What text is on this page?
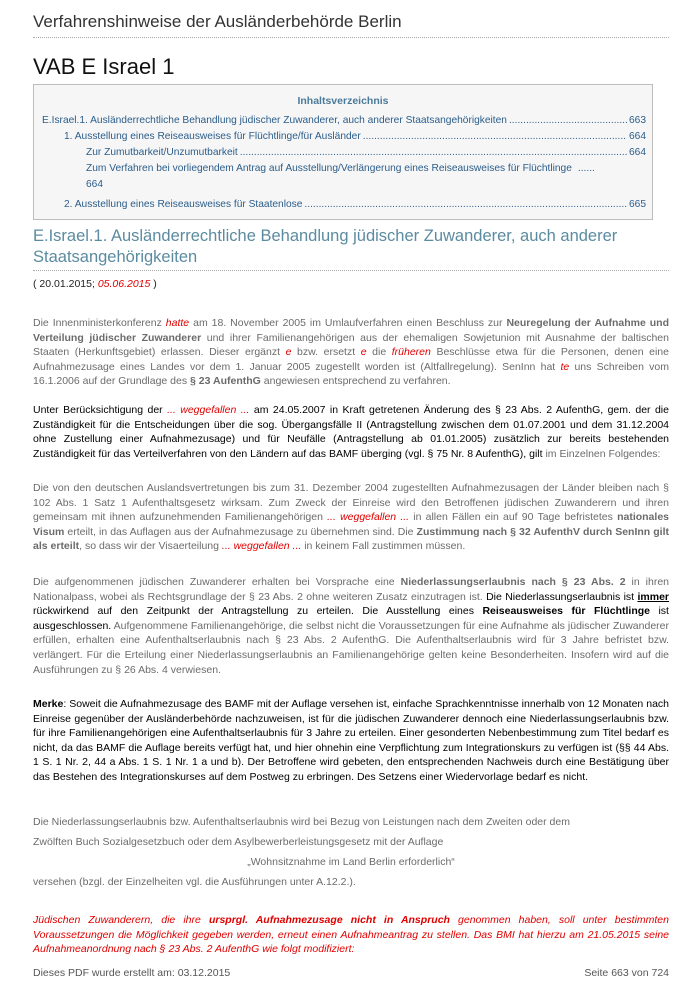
Verfahrenshinweise der Ausländerbehörde Berlin
VAB E Israel 1
Inhaltsverzeichnis
E.Israel.1. Ausländerrechtliche Behandlung jüdischer Zuwanderer, auch anderer Staatsangehörigkeiten .....	663
1. Ausstellung eines Reiseausweises für Flüchtlinge/für Ausländer .....	664
Zur Zumutbarkeit/Unzumutbarkeit .....	664
Zum Verfahren bei vorliegendem Antrag auf Ausstellung/Verlängerung eines Reiseausweises für Flüchtlinge ......
664
2. Ausstellung eines Reiseausweises für Staatenlose .....	665
E.Israel.1. Ausländerrechtliche Behandlung jüdischer Zuwanderer, auch anderer Staatsangehörigkeiten
( 20.01.2015; 05.06.2015 )

Die Innenministerkonferenz hatte am 18. November 2005 im Umlaufverfahren einen Beschluss zur Neuregelung der Aufnahme und Verteilung jüdischer Zuwanderer und ihrer Familienangehörigen aus der ehemaligen Sowjetunion mit Ausnahme der baltischen Staaten (Herkunftsgebiet) erlassen. Dieser ergänzt e bzw. ersetzt e die früheren Beschlüsse etwa für die Personen, denen eine Aufnahmezusage eines Landes vor dem 1. Januar 2005 zugestellt worden ist (Altfallregelung). SenInn hat te uns Schreiben vom 16.1.2006 auf der Grundlage des § 23 AufenthG angewiesen entsprechend zu verfahren.

Unter Berücksichtigung der ... weggefallen ... am 24.05.2007 in Kraft getretenen Änderung des § 23 Abs. 2 AufenthG, gem. der die Zuständigkeit für die Entscheidungen über die sog. Übergangsfälle II (Antragstellung zwischen dem 01.07.2001 und dem 31.12.2004 ohne Zustellung einer Aufnahmezusage) und für Neufälle (Antragstellung ab 01.01.2005) zusätzlich zur bereits bestehenden Zuständigkeit für das Verteilverfahren von den Ländern auf das BAMF überging (vgl. § 75 Nr. 8 AufenthG), gilt im Einzelnen Folgendes:

Die von den deutschen Auslandsvertretungen bis zum 31. Dezember 2004 zugestellten Aufnahmezusagen der Länder bleiben nach § 102 Abs. 1 Satz 1 Aufenthaltsgesetz wirksam. Zum Zweck der Einreise wird den Betroffenen jüdischen Zuwanderern und ihren gemeinsam mit ihnen aufzunehmenden Familienangehörigen ... weggefallen ... in allen Fällen ein auf 90 Tage befristetes nationales Visum erteilt, in das Auflagen aus der Aufnahmezusage zu übernehmen sind. Die Zustimmung nach § 32 AufenthV durch SenInn gilt als erteilt, so dass wir der Visaerteilung ... weggefallen ... in keinem Fall zustimmen müssen.

Die aufgenommenen jüdischen Zuwanderer erhalten bei Vorsprache eine Niederlassungserlaubnis nach § 23 Abs. 2 in ihren Nationalpass, wobei als Rechtsgrundlage der § 23 Abs. 2 ohne weiteren Zusatz einzutragen ist. Die Niederlassungserlaubnis ist immer rückwirkend auf den Zeitpunkt der Antragstellung zu erteilen. Die Ausstellung eines Reiseausweises für Flüchtlinge ist ausgeschlossen. Aufgenommene Familienangehörige, die selbst nicht die Voraussetzungen für eine Aufnahme als jüdischer Zuwanderer erfüllen, erhalten eine Aufenthaltserlaubnis nach § 23 Abs. 2 AufenthG. Die Aufenthaltserlaubnis wird für 3 Jahre befristet bzw. verlängert. Für die Erteilung einer Niederlassungserlaubnis an Familienangehörige gelten keine Besonderheiten. Insofern wird auf die Ausführungen zu § 26 Abs. 4 verwiesen.

Merke: Soweit die Aufnahmezusage des BAMF mit der Auflage versehen ist, einfache Sprachkenntnisse innerhalb von 12 Monaten nach Einreise gegenüber der Ausländerbehörde nachzuweisen, ist für die jüdischen Zuwanderer dennoch eine Niederlassungserlaubnis bzw. für ihre Familienangehörigen eine Aufenthaltserlaubnis für 3 Jahre zu erteilen. Einer gesonderten Nebenbestimmung zum Titel bedarf es nicht, da das BAMF die Auflage bereits verfügt hat, und hier ohnehin eine Verpflichtung zum Integrationskurs zu verfügen ist (§§ 44 Abs. 1 S. 1 Nr. 2, 44 a Abs. 1 S. 1 Nr. 1 a und b). Der Betroffene wird gebeten, den entsprechenden Nachweis durch eine Bestätigung über das Bestehen des Integrationskurses auf dem Postweg zu erbringen. Des Setzens einer Wiedervorlage bedarf es nicht.

Die Niederlassungserlaubnis bzw. Aufenthaltserlaubnis wird bei Bezug von Leistungen nach dem Zweiten oder dem
Zwölften Buch Sozialgesetzbuch oder dem Asylbewerberleistungsgesetz mit der Auflage
„Wohnsitznahme im Land Berlin erforderlich“
versehen (bzgl. der Einzelheiten vgl. die Ausführungen unter A.12.2.).

Jüdischen Zuwanderern, die ihre ursprgl. Aufnahmezusage nicht in Anspruch genommen haben, soll unter bestimmten Voraussetzungen die Möglichkeit gegeben werden, erneut einen Aufnahmeantrag zu stellen. Das BMI hat hierzu am 21.05.2015 seine Aufnahmeanordnung nach § 23 Abs. 2 AufenthG wie folgt modifiziert:

Dieses PDF wurde erstellt am: 03.12.2015	Seite 663 von 724
